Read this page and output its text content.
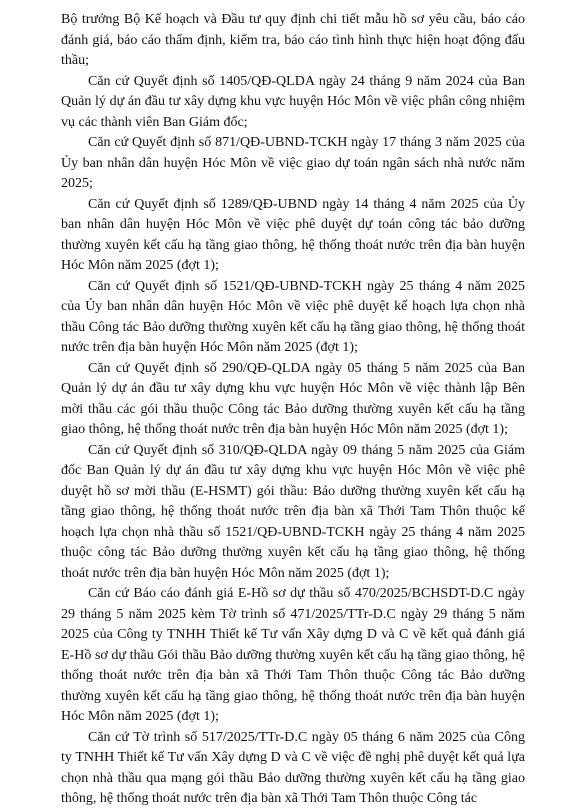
Bộ trưởng Bộ Kế hoạch và Đầu tư quy định chi tiết mẫu hồ sơ yêu cầu, báo cáo đánh giá, báo cáo thẩm định, kiểm tra, báo cáo tình hình thực hiện hoạt động đấu thầu;

Căn cứ Quyết định số 1405/QĐ-QLDA ngày 24 tháng 9 năm 2024 của Ban Quản lý dự án đầu tư xây dựng khu vực huyện Hóc Môn về việc phân công nhiệm vụ các thành viên Ban Giám đốc;

Căn cứ Quyết định số 871/QĐ-UBND-TCKH ngày 17 tháng 3 năm 2025 của Ủy ban nhân dân huyện Hóc Môn về việc giao dự toán ngân sách nhà nước năm 2025;

Căn cứ Quyết định số 1289/QĐ-UBND ngày 14 tháng 4 năm 2025 của Ủy ban nhân dân huyện Hóc Môn về việc phê duyệt dự toán công tác bảo dưỡng thường xuyên kết cấu hạ tầng giao thông, hệ thống thoát nước trên địa bàn huyện Hóc Môn năm 2025 (đợt 1);

Căn cứ Quyết định số 1521/QĐ-UBND-TCKH ngày 25 tháng 4 năm 2025 của Ủy ban nhân dân huyện Hóc Môn về việc phê duyệt kế hoạch lựa chọn nhà thầu Công tác Bảo dưỡng thường xuyên kết cấu hạ tầng giao thông, hệ thống thoát nước trên địa bàn huyện Hóc Môn năm 2025 (đợt 1);

Căn cứ Quyết định số 290/QĐ-QLDA ngày 05 tháng 5 năm 2025 của Ban Quản lý dự án đầu tư xây dựng khu vực huyện Hóc Môn về việc thành lập Bên mời thầu các gói thầu thuộc Công tác Bảo dưỡng thường xuyên kết cấu hạ tầng giao thông, hệ thống thoát nước trên địa bàn huyện Hóc Môn năm 2025 (đợt 1);

Căn cứ Quyết định số 310/QĐ-QLDA ngày 09 tháng 5 năm 2025 của Giám đốc Ban Quản lý dự án đầu tư xây dựng khu vực huyện Hóc Môn về việc phê duyệt hồ sơ mời thầu (E-HSMT) gói thầu: Bảo dưỡng thường xuyên kết cấu hạ tầng giao thông, hệ thống thoát nước trên địa bàn xã Thới Tam Thôn thuộc kế hoạch lựa chọn nhà thầu số 1521/QĐ-UBND-TCKH ngày 25 tháng 4 năm 2025 thuộc công tác Bảo dưỡng thường xuyên kết cấu hạ tầng giao thông, hệ thống thoát nước trên địa bàn huyện Hóc Môn năm 2025 (đợt 1);

Căn cứ Báo cáo đánh giá E-Hồ sơ dự thầu số 470/2025/BCHSDT-D.C ngày 29 tháng 5 năm 2025 kèm Tờ trình số 471/2025/TTr-D.C ngày 29 tháng 5 năm 2025 của Công ty TNHH Thiết kế Tư vấn Xây dựng D và C về kết quả đánh giá E-Hồ sơ dự thầu Gói thầu Bảo dưỡng thường xuyên kết cấu hạ tầng giao thông, hệ thống thoát nước trên địa bàn xã Thới Tam Thôn thuộc Công tác Bảo dưỡng thường xuyên kết cấu hạ tầng giao thông, hệ thống thoát nước trên địa bàn huyện Hóc Môn năm 2025 (đợt 1);

Căn cứ Tờ trình số 517/2025/TTr-D.C ngày 05 tháng 6 năm 2025 của Công ty TNHH Thiết kế Tư vấn Xây dựng D và C về việc đề nghị phê duyệt kết quả lựa chọn nhà thầu qua mạng gói thầu Bảo dưỡng thường xuyên kết cấu hạ tầng giao thông, hệ thống thoát nước trên địa bàn xã Thới Tam Thôn thuộc Công tác
